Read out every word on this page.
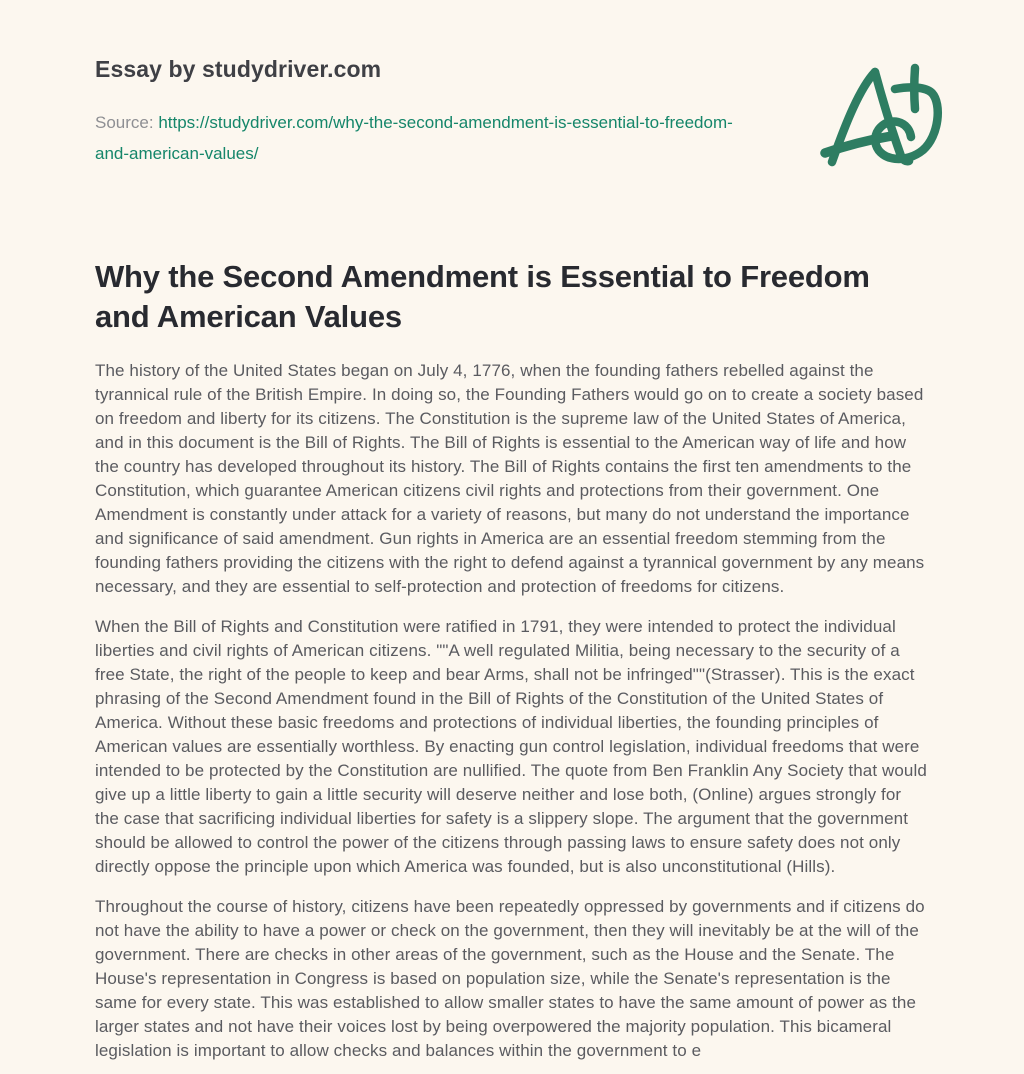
Essay by studydriver.com

Source: https://studydriver.com/why-the-second-amendment-is-essential-to-freedom-and-american-values/

Why the Second Amendment is Essential to Freedom and American Values

The history of the United States began on July 4, 1776, when the founding fathers rebelled against the tyrannical rule of the British Empire. In doing so, the Founding Fathers would go on to create a society based on freedom and liberty for its citizens. The Constitution is the supreme law of the United States of America, and in this document is the Bill of Rights. The Bill of Rights is essential to the American way of life and how the country has developed throughout its history. The Bill of Rights contains the first ten amendments to the Constitution, which guarantee American citizens civil rights and protections from their government. One Amendment is constantly under attack for a variety of reasons, but many do not understand the importance and significance of said amendment. Gun rights in America are an essential freedom stemming from the founding fathers providing the citizens with the right to defend against a tyrannical government by any means necessary, and they are essential to self-protection and protection of freedoms for citizens.

When the Bill of Rights and Constitution were ratified in 1791, they were intended to protect the individual liberties and civil rights of American citizens. ""A well regulated Militia, being necessary to the security of a free State, the right of the people to keep and bear Arms, shall not be infringed""(Strasser). This is the exact phrasing of the Second Amendment found in the Bill of Rights of the Constitution of the United States of America. Without these basic freedoms and protections of individual liberties, the founding principles of American values are essentially worthless. By enacting gun control legislation, individual freedoms that were intended to be protected by the Constitution are nullified. The quote from Ben Franklin Any Society that would give up a little liberty to gain a little security will deserve neither and lose both, (Online) argues strongly for the case that sacrificing individual liberties for safety is a slippery slope. The argument that the government should be allowed to control the power of the citizens through passing laws to ensure safety does not only directly oppose the principle upon which America was founded, but is also unconstitutional (Hills).

Throughout the course of history, citizens have been repeatedly oppressed by governments and if citizens do not have the ability to have a power or check on the government, then they will inevitably be at the will of the government. There are checks in other areas of the government, such as the House and the Senate. The House's representation in Congress is based on population size, while the Senate's representation is the same for every state. This was established to allow smaller states to have the same amount of power as the larger states and not have their voices lost by being overpowered the majority population. This bicameral legislation is important to allow checks and balances within the government to e
